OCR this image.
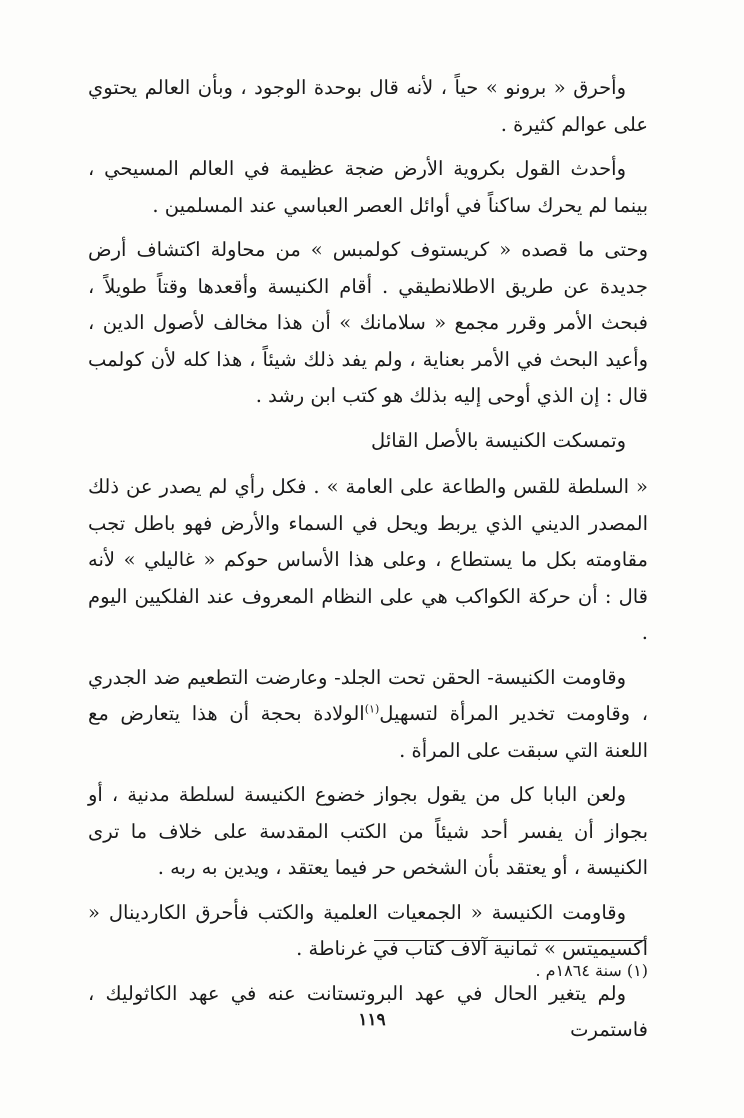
وأحرق « برونو » حياً ، لأنه قال بوحدة الوجود ، وبأن العالم يحتوي على عوالم كثيرة .

وأحدث القول بكروية الأرض ضجة عظيمة في العالم المسيحي ، بينما لم يحرك ساكناً في أوائل العصر العباسي عند المسلمين .

وحتى ما قصده « كريستوف كولمبس » من محاولة اكتشاف أرض جديدة عن طريق الاطلانطيقي . أقام الكنيسة وأقعدها وقتاً طويلاً ، فبحث الأمر وقرر مجمع « سلامانك » أن هذا مخالف لأصول الدين ، وأعيد البحث في الأمر بعناية ، ولم يفد ذلك شيئاً ، هذا كله لأن كولمب قال : إن الذي أوحى إليه بذلك هو كتب ابن رشد .

وتمسكت الكنيسة بالأصل القائل

« السلطة للقس والطاعة على العامة » . فكل رأي لم يصدر عن ذلك المصدر الديني الذي يربط ويحل في السماء والأرض فهو باطل تجب مقاومته بكل ما يستطاع ، وعلى هذا الأساس حوكم « غاليلي » لأنه قال : أن حركة الكواكب هي على النظام المعروف عند الفلكيين اليوم .

وقاومت الكنيسة- الحقن تحت الجلد- وعارضت التطعيم ضد الجدري ، وقاومت تخدير المرأة لتسهيل$^{(١)}$الولادة بحجة أن هذا يتعارض مع اللعنة التي سبقت على المرأة .

ولعن البابا كل من يقول بجواز خضوع الكنيسة لسلطة مدنية ، أو بجواز أن يفسر أحد شيئاً من الكتب المقدسة على خلاف ما ترى الكنيسة ، أو يعتقد بأن الشخص حر فيما يعتقد ، ويدين به ربه .

وقاومت الكنيسة « الجمعيات العلمية والكتب فأحرق الكاردينال « أكسيميتس » ثمانية آلاف كتاب في غرناطة .

ولم يتغير الحال في عهد البروتستانت عنه في عهد الكاثوليك ، فاستمرت

(١) سنة ١٨٦٤م .
١١٩
